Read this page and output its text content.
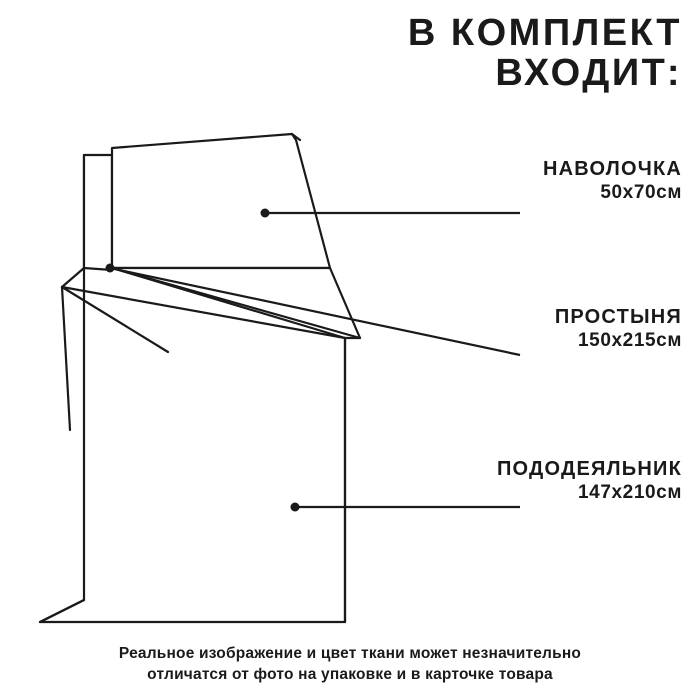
В КОМПЛЕКТ
ВХОДИТ:
НАВОЛОЧКА
50х70см
ПРОСТЫНЯ
150х215см
ПОДОДЕЯЛЬНИК
147х210см
Реальное изображение и цвет ткани может незначительно
отличатся от фото на упаковке и в карточке товара
